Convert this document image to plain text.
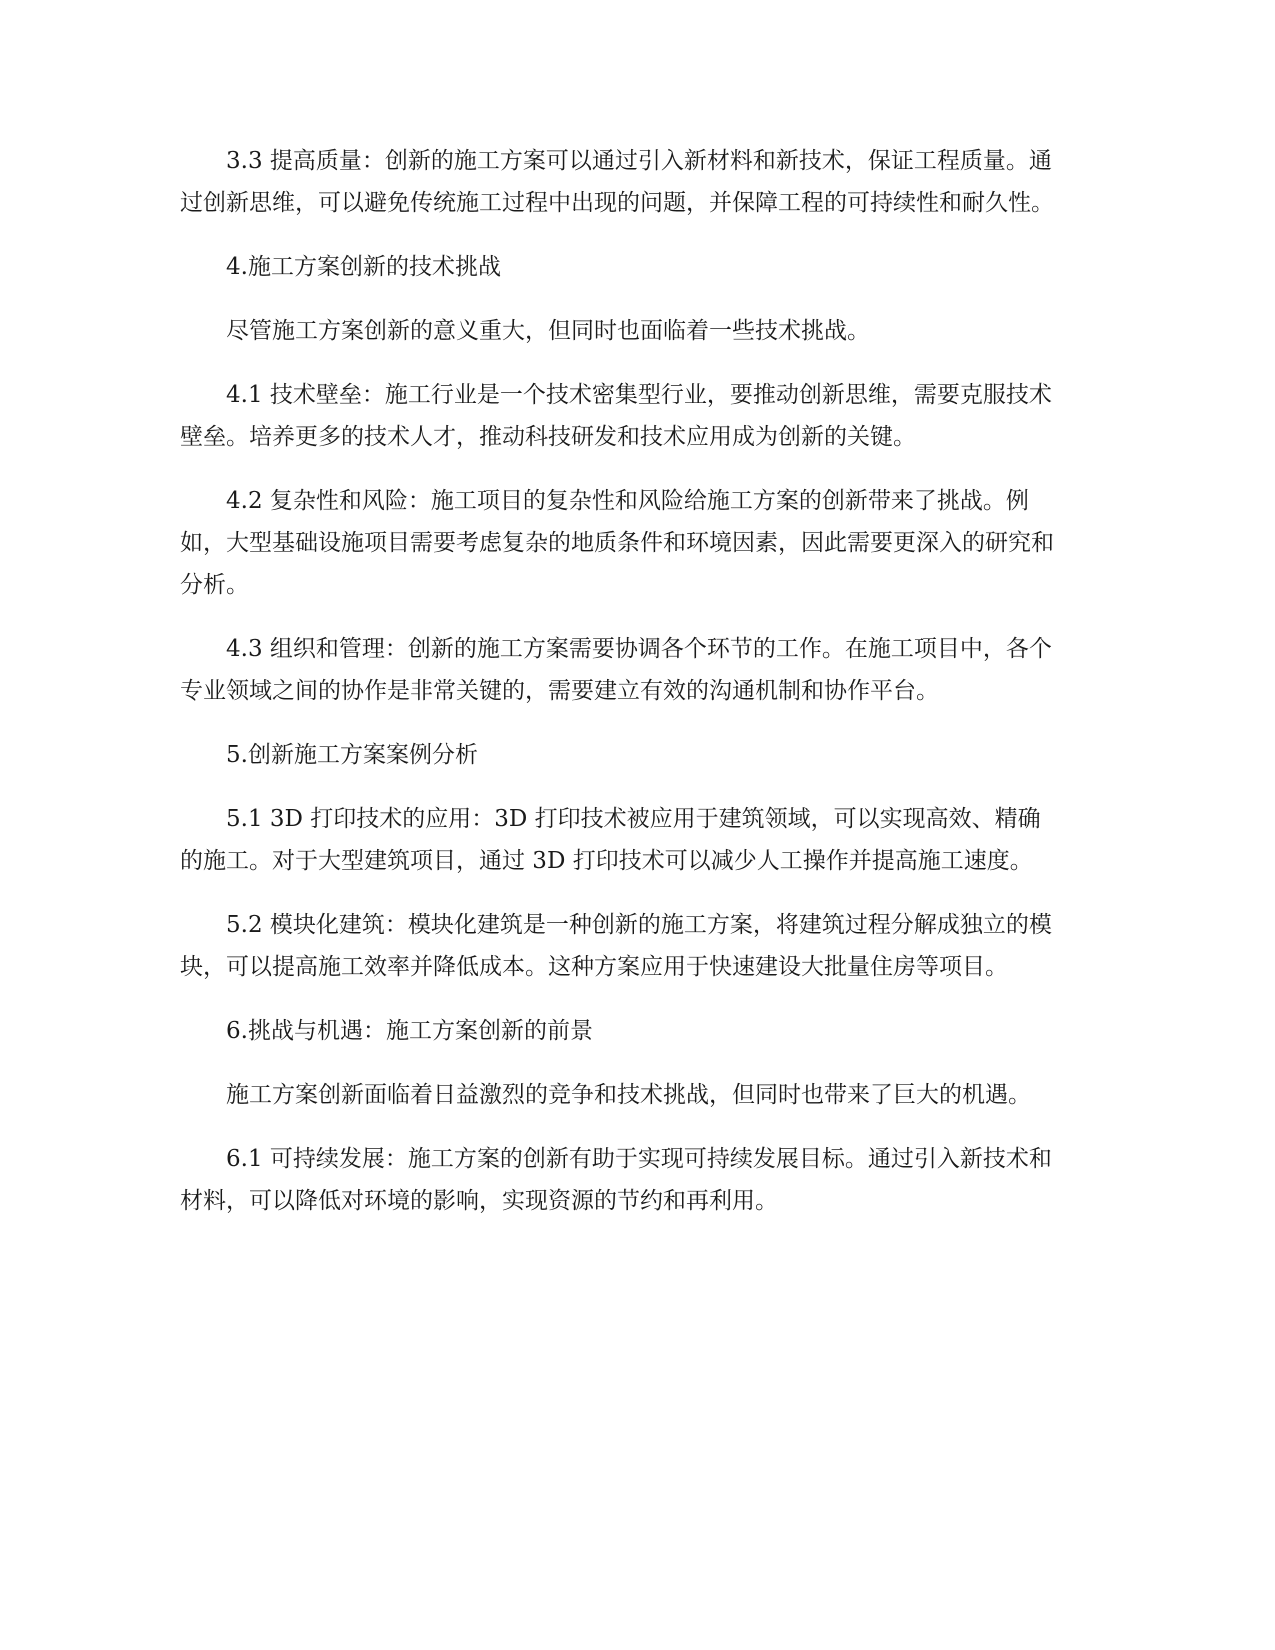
3.3 提高质量：创新的施工方案可以通过引入新材料和新技术，保证工程质量。通过创新思维，可以避免传统施工过程中出现的问题，并保障工程的可持续性和耐久性。

4.施工方案创新的技术挑战

尽管施工方案创新的意义重大，但同时也面临着一些技术挑战。

4.1 技术壁垒：施工行业是一个技术密集型行业，要推动创新思维，需要克服技术壁垒。培养更多的技术人才，推动科技研发和技术应用成为创新的关键。

4.2 复杂性和风险：施工项目的复杂性和风险给施工方案的创新带来了挑战。例如，大型基础设施项目需要考虑复杂的地质条件和环境因素，因此需要更深入的研究和分析。

4.3 组织和管理：创新的施工方案需要协调各个环节的工作。在施工项目中，各个专业领域之间的协作是非常关键的，需要建立有效的沟通机制和协作平台。

5.创新施工方案案例分析

5.1 3D 打印技术的应用：3D 打印技术被应用于建筑领域，可以实现高效、精确的施工。对于大型建筑项目，通过 3D 打印技术可以减少人工操作并提高施工速度。

5.2 模块化建筑：模块化建筑是一种创新的施工方案，将建筑过程分解成独立的模块，可以提高施工效率并降低成本。这种方案应用于快速建设大批量住房等项目。

6.挑战与机遇：施工方案创新的前景

施工方案创新面临着日益激烈的竞争和技术挑战，但同时也带来了巨大的机遇。

6.1 可持续发展：施工方案的创新有助于实现可持续发展目标。通过引入新技术和材料，可以降低对环境的影响，实现资源的节约和再利用。
